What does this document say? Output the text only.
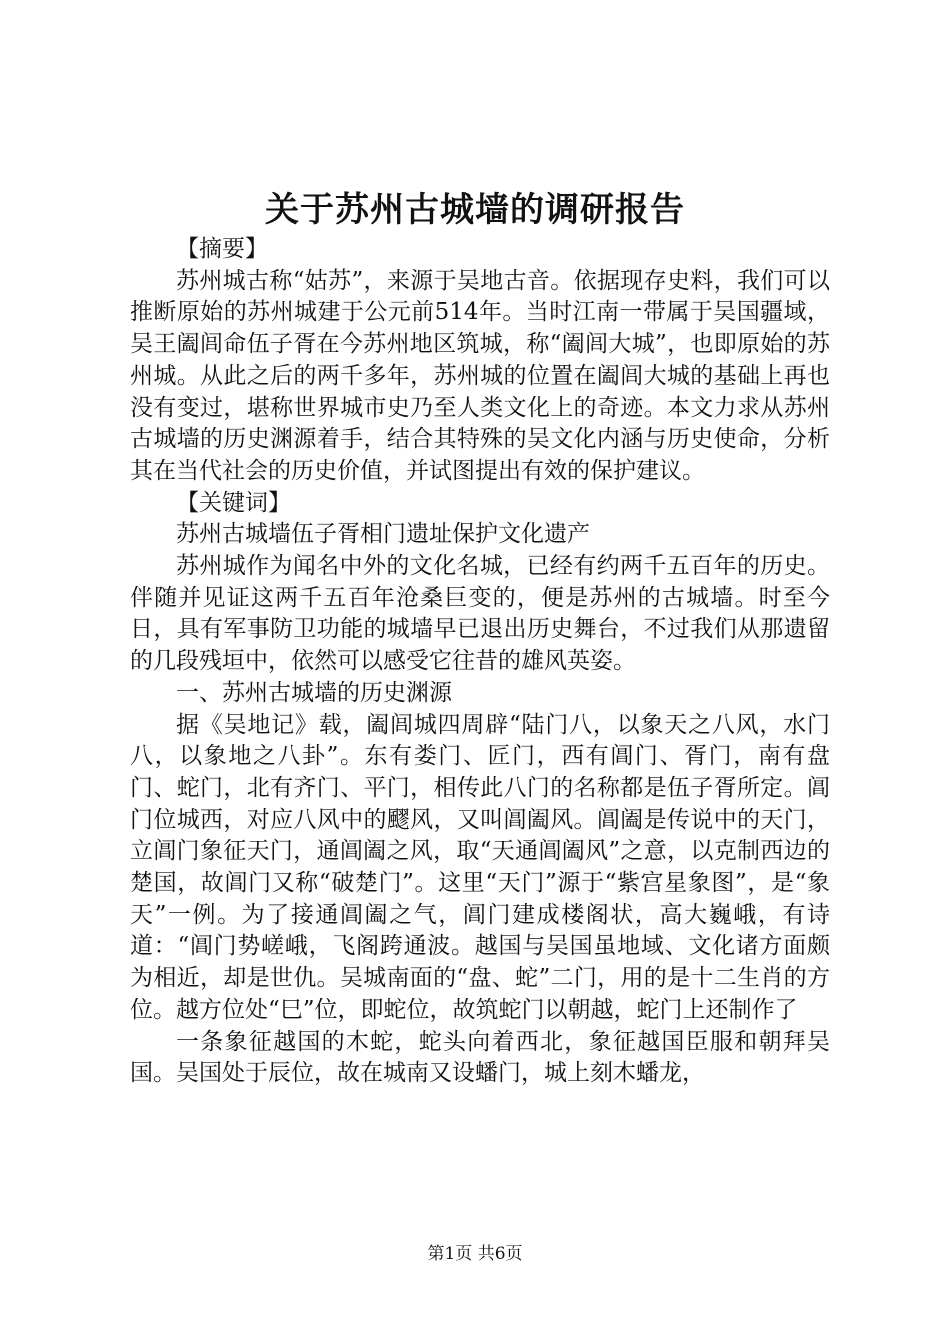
关于苏州古城墙的调研报告

【摘要】

苏州城古称“姑苏”，来源于吴地古音。依据现存史料，我们可以推断原始的苏州城建于公元前514年。当时江南一带属于吴国疆域，吴王阖闾命伍子胥在今苏州地区筑城，称“阖闾大城”，也即原始的苏州城。从此之后的两千多年，苏州城的位置在阖闾大城的基础上再也没有变过，堪称世界城市史乃至人类文化上的奇迹。本文力求从苏州古城墙的历史渊源着手，结合其特殊的吴文化内涵与历史使命，分析其在当代社会的历史价值，并试图提出有效的保护建议。

【关键词】

苏州古城墙伍子胥相门遗址保护文化遗产

苏州城作为闻名中外的文化名城，已经有约两千五百年的历史。伴随并见证这两千五百年沧桑巨变的，便是苏州的古城墙。时至今日，具有军事防卫功能的城墙早已退出历史舞台，不过我们从那遗留的几段残垣中，依然可以感受它往昔的雄风英姿。

一、苏州古城墙的历史渊源

据《吴地记》载，阖闾城四周辟“陆门八，以象天之八风，水门八，以象地之八卦”。东有娄门、匠门，西有阊门、胥门，南有盘门、蛇门，北有齐门、平门，相传此八门的名称都是伍子胥所定。阊门位城西，对应八风中的飂风，又叫阊阖风。阊阖是传说中的天门，立阊门象征天门，通阊阖之风，取“天通阊阖风”之意，以克制西边的楚国，故阊门又称“破楚门”。这里“天门”源于“紫宫星象图”，是“象天”一例。为了接通阊阖之气，阊门建成楼阁状，高大巍峨，有诗道：“阊门势嵯峨，飞阁跨通波。越国与吴国虽地域、文化诸方面颇为相近，却是世仇。吴城南面的“盘、蛇”二门，用的是十二生肖的方位。越方位处“巳”位，即蛇位，故筑蛇门以朝越，蛇门上还制作了

一条象征越国的木蛇，蛇头向着西北，象征越国臣服和朝拜吴国。吴国处于辰位，故在城南又设蟠门，城上刻木蟠龙，

第1页 共6页
